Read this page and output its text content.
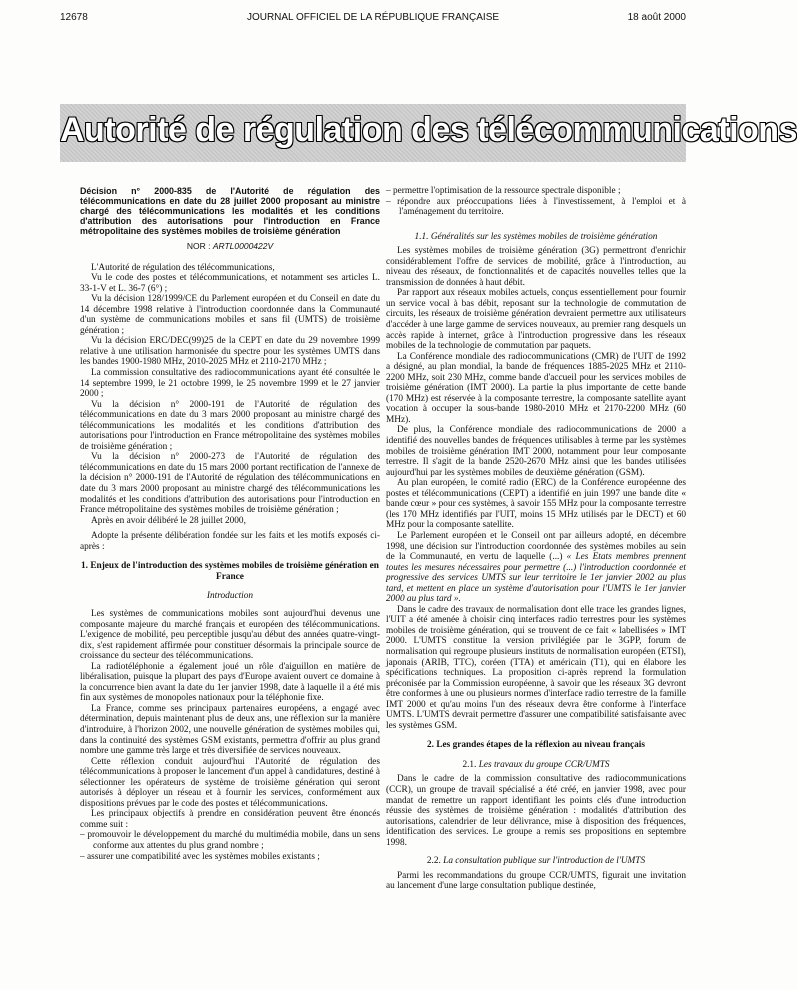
12678	JOURNAL OFFICIEL DE LA RÉPUBLIQUE FRANÇAISE	18 août 2000
Autorité de régulation des télécommunications

Décision n° 2000-835 de l'Autorité de régulation des télécommunications en date du 28 juillet 2000 proposant au ministre chargé des télécommunications les modalités et les conditions d'attribution des autorisations pour l'introduction en France métropolitaine des systèmes mobiles de troisième génération

NOR : ARTL0000422V

L'Autorité de régulation des télécommunications,

Vu le code des postes et télécommunications, et notamment ses articles L. 33-1-V et L. 36-7 (6°) ;

Vu la décision 128/1999/CE du Parlement européen et du Conseil en date du 14 décembre 1998 relative à l'introduction coordonnée dans la Communauté d'un système de communications mobiles et sans fil (UMTS) de troisième génération ;

Vu la décision ERC/DEC(99)25 de la CEPT en date du 29 novembre 1999 relative à une utilisation harmonisée du spectre pour les systèmes UMTS dans les bandes 1900-1980 MHz, 2010-2025 MHz et 2110-2170 MHz ;

La commission consultative des radiocommunications ayant été consultée le 14 septembre 1999, le 21 octobre 1999, le 25 novembre 1999 et le 27 janvier 2000 ;

Vu la décision n° 2000-191 de l'Autorité de régulation des télécommunications en date du 3 mars 2000 proposant au ministre chargé des télécommunications les modalités et les conditions d'attribution des autorisations pour l'introduction en France métropolitaine des systèmes mobiles de troisième génération ;

Vu la décision n° 2000-273 de l'Autorité de régulation des télécommunications en date du 15 mars 2000 portant rectification de l'annexe de la décision n° 2000-191 de l'Autorité de régulation des télécommunications en date du 3 mars 2000 proposant au ministre chargé des télécommunications les modalités et les conditions d'attribution des autorisations pour l'introduction en France métropolitaine des systèmes mobiles de troisième génération ;

Après en avoir délibéré le 28 juillet 2000,

Adopte la présente délibération fondée sur les faits et les motifs exposés ci-après :

1. Enjeux de l'introduction des systèmes mobiles de troisième génération en France

Introduction

Les systèmes de communications mobiles sont aujourd'hui devenus une composante majeure du marché français et européen des télécommunications. L'exigence de mobilité, peu perceptible jusqu'au début des années quatre-vingt-dix, s'est rapidement affirmée pour constituer désormais la principale source de croissance du secteur des télécommunications.

La radiotéléphonie a également joué un rôle d'aiguillon en matière de libéralisation, puisque la plupart des pays d'Europe avaient ouvert ce domaine à la concurrence bien avant la date du 1er janvier 1998, date à laquelle il a été mis fin aux systèmes de monopoles nationaux pour la téléphonie fixe.

La France, comme ses principaux partenaires européens, a engagé avec détermination, depuis maintenant plus de deux ans, une réflexion sur la manière d'introduire, à l'horizon 2002, une nouvelle génération de systèmes mobiles qui, dans la continuité des systèmes GSM existants, permettra d'offrir au plus grand nombre une gamme très large et très diversifiée de services nouveaux.

Cette réflexion conduit aujourd'hui l'Autorité de régulation des télécommunications à proposer le lancement d'un appel à candidatures, destiné à sélectionner les opérateurs de système de troisième génération qui seront autorisés à déployer un réseau et à fournir les services, conformément aux dispositions prévues par le code des postes et télécommunications.

Les principaux objectifs à prendre en considération peuvent être énoncés comme suit :

– promouvoir le développement du marché du multimédia mobile, dans un sens conforme aux attentes du plus grand nombre ;
– assurer une compatibilité avec les systèmes mobiles existants ;
– permettre l'optimisation de la ressource spectrale disponible ;
– répondre aux préoccupations liées à l'investissement, à l'emploi et à l'aménagement du territoire.

1.1. Généralités sur les systèmes mobiles de troisième génération

Les systèmes mobiles de troisième génération (3G) permettront d'enrichir considérablement l'offre de services de mobilité, grâce à l'introduction, au niveau des réseaux, de fonctionnalités et de capacités nouvelles telles que la transmission de données à haut débit.

Par rapport aux réseaux mobiles actuels, conçus essentiellement pour fournir un service vocal à bas débit, reposant sur la technologie de commutation de circuits, les réseaux de troisième génération devraient permettre aux utilisateurs d'accéder à une large gamme de services nouveaux, au premier rang desquels un accès rapide à internet, grâce à l'introduction progressive dans les réseaux mobiles de la technologie de commutation par paquets.

La Conférence mondiale des radiocommunications (CMR) de l'UIT de 1992 a désigné, au plan mondial, la bande de fréquences 1885-2025 MHz et 2110-2200 MHz, soit 230 MHz, comme bande d'accueil pour les services mobiles de troisième génération (IMT 2000). La partie la plus importante de cette bande (170 MHz) est réservée à la composante terrestre, la composante satellite ayant vocation à occuper la sous-bande 1980-2010 MHz et 2170-2200 MHz (60 MHz).

De plus, la Conférence mondiale des radiocommunications de 2000 a identifié des nouvelles bandes de fréquences utilisables à terme par les systèmes mobiles de troisième génération IMT 2000, notamment pour leur composante terrestre. Il s'agit de la bande 2520-2670 MHz ainsi que les bandes utilisées aujourd'hui par les systèmes mobiles de deuxième génération (GSM).

Au plan européen, le comité radio (ERC) de la Conférence européenne des postes et télécommunications (CEPT) a identifié en juin 1997 une bande dite « bande cœur » pour ces systèmes, à savoir 155 MHz pour la composante terrestre (les 170 MHz identifiés par l'UIT, moins 15 MHz utilisés par le DECT) et 60 MHz pour la composante satellite.

Le Parlement européen et le Conseil ont par ailleurs adopté, en décembre 1998, une décision sur l'introduction coordonnée des systèmes mobiles au sein de la Communauté, en vertu de laquelle (...) « Les Etats membres prennent toutes les mesures nécessaires pour permettre (...) l'introduction coordonnée et progressive des services UMTS sur leur territoire le 1er janvier 2002 au plus tard, et mettent en place un système d'autorisation pour l'UMTS le 1er janvier 2000 au plus tard ».

Dans le cadre des travaux de normalisation dont elle trace les grandes lignes, l'UIT a été amenée à choisir cinq interfaces radio terrestres pour les systèmes mobiles de troisième génération, qui se trouvent de ce fait « labellisées » IMT 2000. L'UMTS constitue la version privilégiée par le 3GPP, forum de normalisation qui regroupe plusieurs instituts de normalisation européen (ETSI), japonais (ARIB, TTC), coréen (TTA) et américain (T1), qui en élabore les spécifications techniques. La proposition ci-après reprend la formulation préconisée par la Commission européenne, à savoir que les réseaux 3G devront être conformes à une ou plusieurs normes d'interface radio terrestre de la famille IMT 2000 et qu'au moins l'un des réseaux devra être conforme à l'interface UMTS. L'UMTS devrait permettre d'assurer une compatibilité satisfaisante avec les systèmes GSM.

2. Les grandes étapes de la réflexion au niveau français

2.1. Les travaux du groupe CCR/UMTS

Dans le cadre de la commission consultative des radiocommunications (CCR), un groupe de travail spécialisé a été créé, en janvier 1998, avec pour mandat de remettre un rapport identifiant les points clés d'une introduction réussie des systèmes de troisième génération : modalités d'attribution des autorisations, calendrier de leur délivrance, mise à disposition des fréquences, identification des services. Le groupe a remis ses propositions en septembre 1998.

2.2. La consultation publique sur l'introduction de l'UMTS

Parmi les recommandations du groupe CCR/UMTS, figurait une invitation au lancement d'une large consultation publique destinée,
